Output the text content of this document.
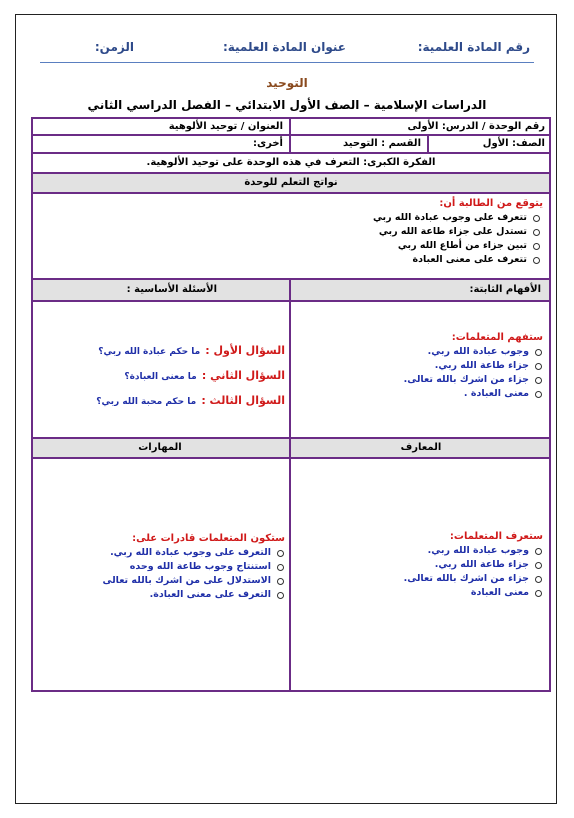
رقم المادة العلمية:
عنوان المادة العلمية:
الزمن:
التوحيد
الدراسات الإسلامية – الصف الأول الابتدائي – الفصل الدراسي الثاني
رقم الوحدة / الدرس: الأولى
العنوان / توحيد الألوهية
الصف: الأول
القسم : التوحيد
أخرى:
الفكرة الكبرى: التعرف في هذه الوحدة على توحيد الألوهية.
نواتج التعلم للوحدة
يتوقع من الطالبة أن:
تتعرف على وجوب عبادة الله ربي
تستدل على جزاء طاعة الله ربي
تبين جزاء من أطاع الله ربي
تتعرف على معنى العبادة
الأفهام الثابتة:
الأسئلة الأساسية :
ستفهم المتعلمات:
وجوب عبادة الله ربي.
جزاء طاعة الله ربي.
جزاء من اشرك بالله تعالى.
معنى العبادة .
السؤال الأول : ما حكم عبادة الله ربي؟
السؤال الثاني : ما معنى العبادة؟
السؤال الثالث : ما حكم محبة الله ربي؟
المعارف
المهارات
ستعرف المتعلمات:
وجوب عبادة الله ربي.
جزاء طاعة الله ربي.
جزاء من اشرك بالله تعالى.
معنى العبادة
ستكون المتعلمات قادرات على:
التعرف على وجوب عبادة الله ربي.
استنتاج وجوب طاعة الله وحده
الاستدلال على من اشرك بالله تعالى
التعرف على معنى العبادة.
